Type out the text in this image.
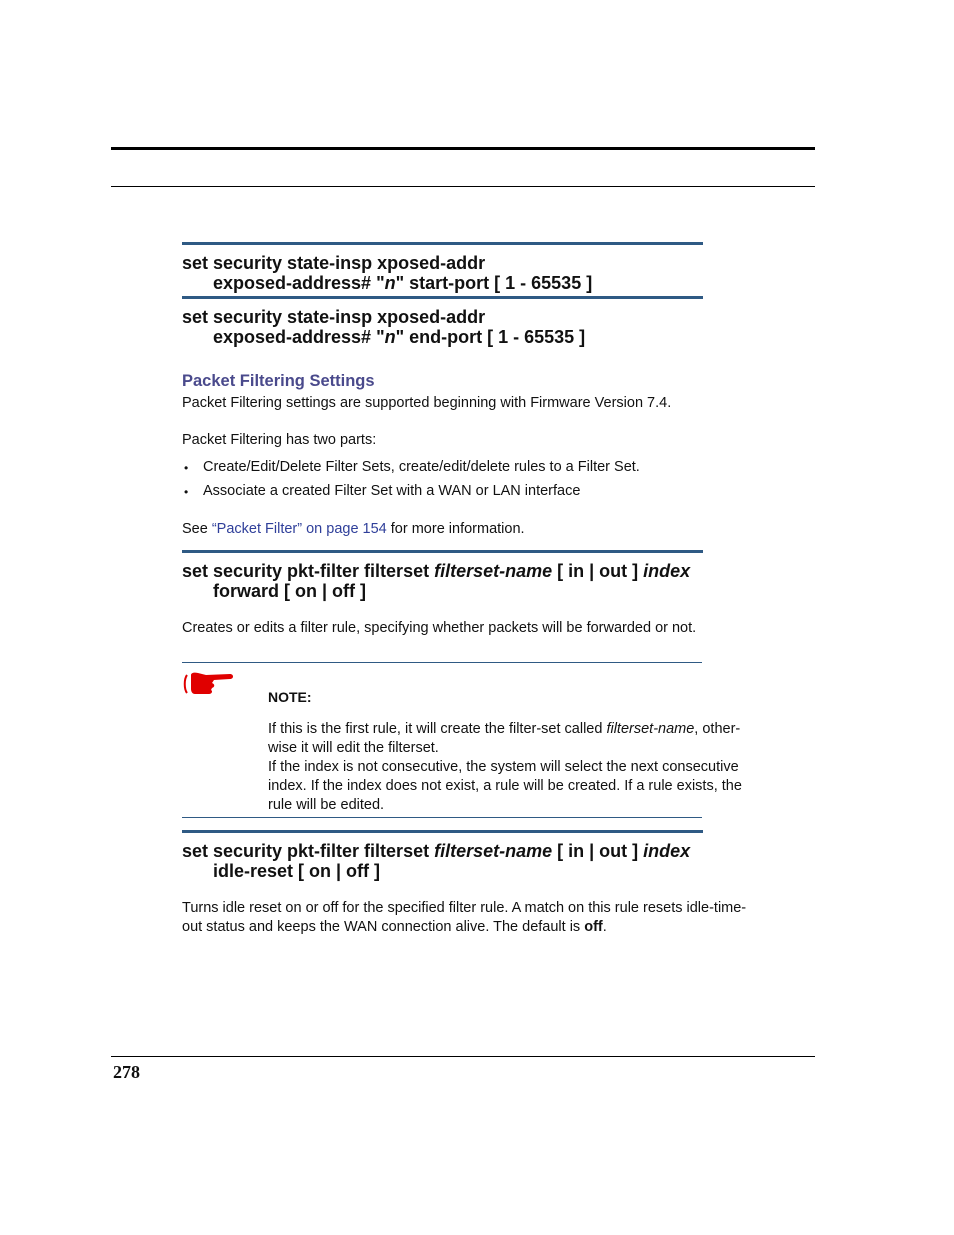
set security state-insp xposed-addr
exposed-address# "n" start-port [ 1 - 65535 ]
set security state-insp xposed-addr
exposed-address# "n" end-port [ 1 - 65535 ]
Packet Filtering Settings
Packet Filtering settings are supported beginning with Firmware Version 7.4.
Packet Filtering has two parts:
• Create/Edit/Delete Filter Sets, create/edit/delete rules to a Filter Set.
• Associate a created Filter Set with a WAN or LAN interface
See “Packet Filter” on page 154 for more information.
set security pkt-filter filterset filterset-name [ in | out ] index
forward [ on | off ]
Creates or edits a filter rule, specifying whether packets will be forwarded or not.
NOTE:
If this is the first rule, it will create the filter-set called filterset-name, other-
wise it will edit the filterset.
If the index is not consecutive, the system will select the next consecutive
index. If the index does not exist, a rule will be created. If a rule exists, the
rule will be edited.
set security pkt-filter filterset filterset-name [ in | out ] index
idle-reset [ on | off ]
Turns idle reset on or off for the specified filter rule. A match on this rule resets idle-time-
out status and keeps the WAN connection alive. The default is off.
278
